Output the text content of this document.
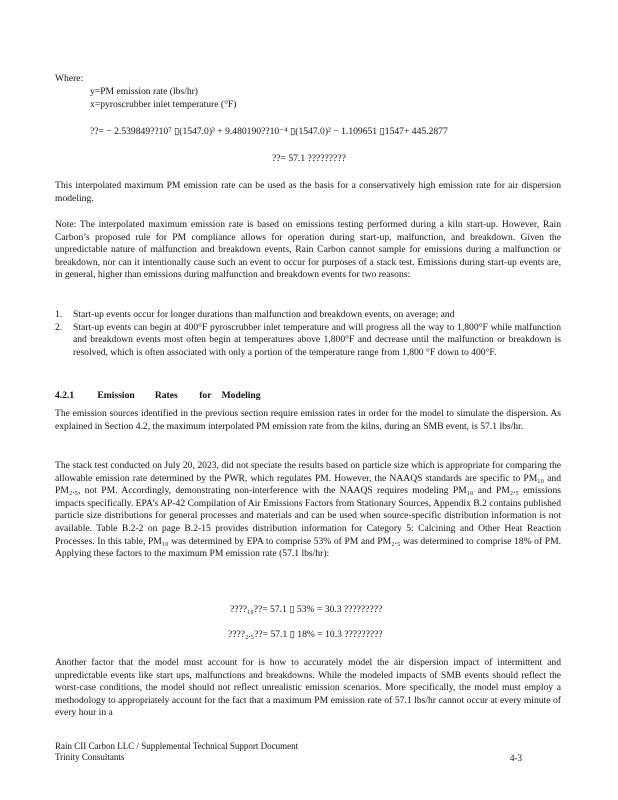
Where:

y=PM emission rate (lbs/hr)

x=pyroscrubber inlet temperature (°F)

??= − 2.539849??10⁷ ▯(1547.0)³ + 9.480190??10⁻⁴ ▯(1547.0)² − 1.109651 ▯1547+ 445.2877
??= 57.1 ?????????

This interpolated maximum PM emission rate can be used as the basis for a conservatively high emission rate for air dispersion modeling.

Note: The interpolated maximum emission rate is based on emissions testing performed during a kiln start-up. However, Rain Carbon’s proposed rule for PM compliance allows for operation during start-up, malfunction, and breakdown. Given the unpredictable nature of malfunction and breakdown events, Rain Carbon cannot sample for emissions during a malfunction or breakdown, nor can it intentionally cause such an event to occur for purposes of a stack test. Emissions during start-up events are, in general, higher than emissions during malfunction and breakdown events for two reasons:

1. Start-up events occur for longer durations than malfunction and breakdown events, on average; and
2. Start-up events can begin at 400°F pyroscrubber inlet temperature and will progress all the way to 1,800°F while malfunction and breakdown events most often begin at temperatures above 1,800°F and decrease until the malfunction or breakdown is resolved, which is often associated with only a portion of the temperature range from 1,800 °F down to 400°F.
4.2.1 Emission Rates for Modeling

The emission sources identified in the previous section require emission rates in order for the model to simulate the dispersion. As explained in Section 4.2, the maximum interpolated PM emission rate from the kilns, during an SMB event, is 57.1 lbs/hr.

The stack test conducted on July 20, 2023, did not speciate the results based on particle size which is appropriate for comparing the allowable emission rate determined by the PWR, which regulates PM. However, the NAAQS standards are specific to PM₁₀ and PM₂.₅, not PM. Accordingly, demonstrating non-interference with the NAAQS requires modeling PM₁₀ and PM₂.₅ emissions impacts specifically. EPA’s AP-42 Compilation of Air Emissions Factors from Stationary Sources, Appendix B.2 contains published particle size distributions for general processes and materials and can be used when source-specific distribution information is not available. Table B.2-2 on page B.2-15 provides distribution information for Category 5: Calcining and Other Heat Reaction Processes. In this table, PM₁₀ was determined by EPA to comprise 53% of PM and PM₂.₅ was determined to comprise 18% of PM. Applying these factors to the maximum PM emission rate (57.1 lbs/hr):

????₁₀??= 57.1 ▯ 53% = 30.3 ?????????
????₂.₅??= 57.1 ▯ 18% = 10.3 ?????????

Another factor that the model must account for is how to accurately model the air dispersion impact of intermittent and unpredictable events like start ups, malfunctions and breakdowns. While the modeled impacts of SMB events should reflect the worst-case conditions, the model should not reflect unrealistic emission scenarios. More specifically, the model must employ a methodology to appropriately account for the fact that a maximum PM emission rate of 57.1 lbs/hr cannot occur at every minute of every hour in a

Rain CII Carbon LLC / Supplemental Technical Support Document

Trinity Consultants	4-3
